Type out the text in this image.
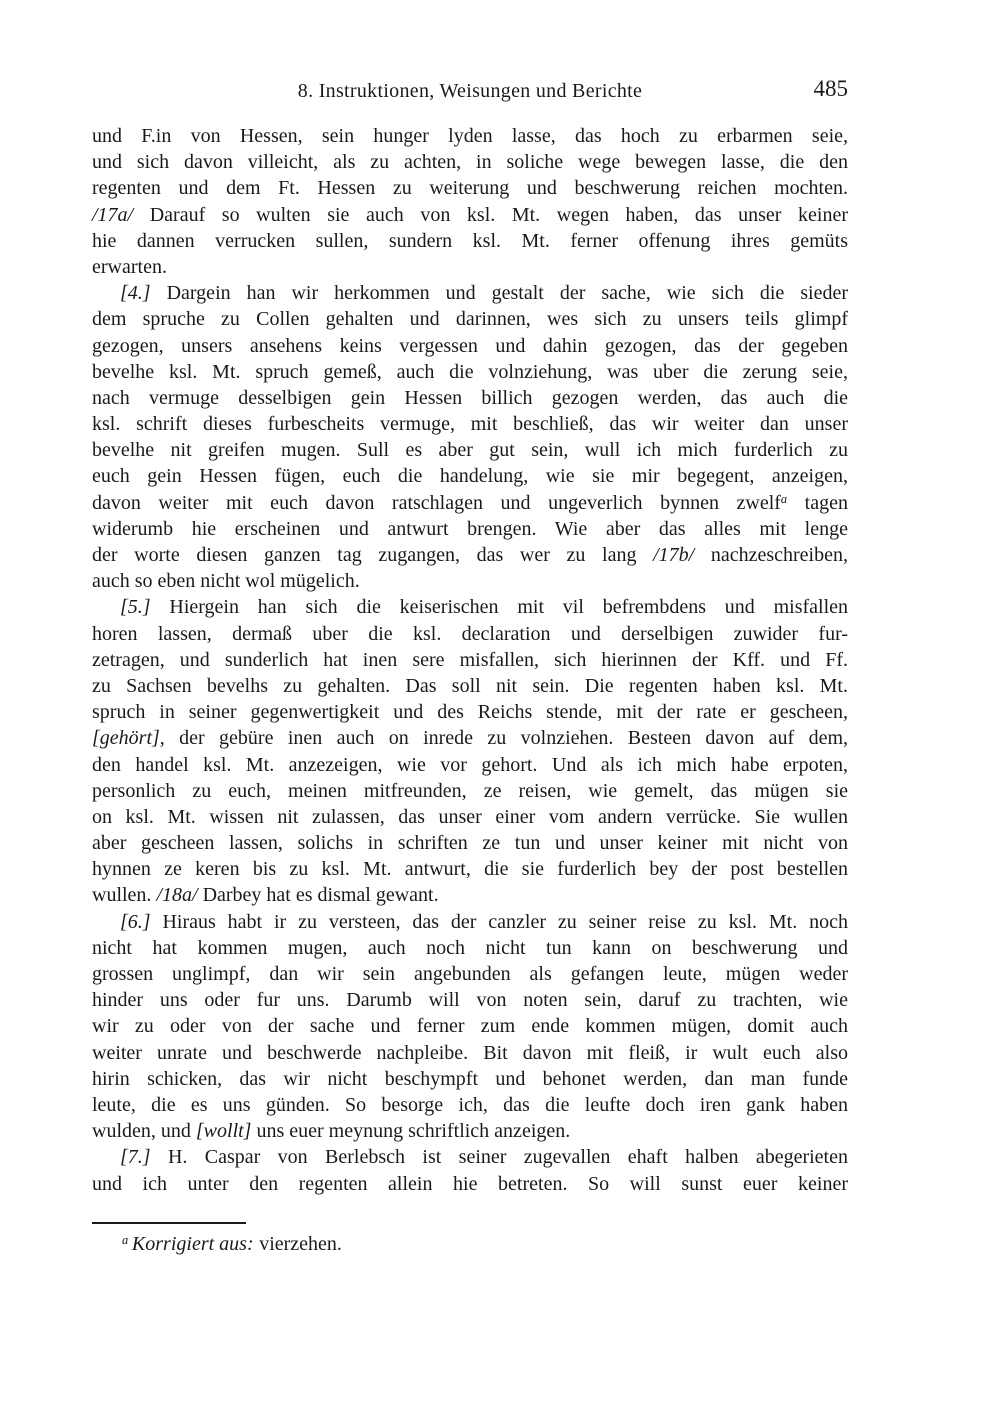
8. Instruktionen, Weisungen und Berichte	485
und F.in von Hessen, sein hunger lyden lasse, das hoch zu erbarmen seie,
und sich davon villeicht, als zu achten, in soliche wege bewegen lasse, die den
regenten und dem Ft. Hessen zu weiterung und beschwerung reichen mochten.
/17a/ Darauf so wulten sie auch von ksl. Mt. wegen haben, das unser keiner
hie dannen verrucken sullen, sundern ksl. Mt. ferner offenung ihres gemüts
erwarten.
[4.] Dargein han wir herkommen und gestalt der sache, wie sich die sieder
dem spruche zu Collen gehalten und darinnen, wes sich zu unsers teils glimpf
gezogen, unsers ansehens keins vergessen und dahin gezogen, das der gegeben
bevelhe ksl. Mt. spruch gemeß, auch die volnziehung, was uber die zerung seie,
nach vermuge desselbigen gein Hessen billich gezogen werden, das auch die
ksl. schrift dieses furbescheits vermuge, mit beschließ, das wir weiter dan unser
bevelhe nit greifen mugen. Sull es aber gut sein, wull ich mich furderlich zu
euch gein Hessen fügen, euch die handelung, wie sie mir begegent, anzeigen,
davon weiter mit euch davon ratschlagen und ungeverlich bynnen zwelf$^a$ tagen
widerumb hie erscheinen und antwurt brengen. Wie aber das alles mit lenge
der worte diesen ganzen tag zugangen, das wer zu lang /17b/ nachzeschreiben,
auch so eben nicht wol mügelich.
[5.] Hiergein han sich die keiserischen mit vil befrembdens und misfallen
horen lassen, dermaß uber die ksl. declaration und derselbigen zuwider fur-
zetragen, und sunderlich hat inen sere misfallen, sich hierinnen der Kff. und Ff.
zu Sachsen bevelhs zu gehalten. Das soll nit sein. Die regenten haben ksl. Mt.
spruch in seiner gegenwertigkeit und des Reichs stende, mit der rate er gescheen,
[gehört], der gebüre inen auch on inrede zu volnziehen. Besteen davon auf dem,
den handel ksl. Mt. anzezeigen, wie vor gehort. Und als ich mich habe erpoten,
personlich zu euch, meinen mitfreunden, ze reisen, wie gemelt, das mügen sie
on ksl. Mt. wissen nit zulassen, das unser einer vom andern verrücke. Sie wullen
aber gescheen lassen, solichs in schriften ze tun und unser keiner mit nicht von
hynnen ze keren bis zu ksl. Mt. antwurt, die sie furderlich bey der post bestellen
wullen. /18a/ Darbey hat es dismal gewant.
[6.] Hiraus habt ir zu versteen, das der canzler zu seiner reise zu ksl. Mt. noch
nicht hat kommen mugen, auch noch nicht tun kann on beschwerung und
grossen unglimpf, dan wir sein angebunden als gefangen leute, mügen weder
hinder uns oder fur uns. Darumb will von noten sein, daruf zu trachten, wie
wir zu oder von der sache und ferner zum ende kommen mügen, domit auch
weiter unrate und beschwerde nachpleibe. Bit davon mit fleiß, ir wult euch also
hirin schicken, das wir nicht beschympft und behonet werden, dan man funde
leute, die es uns günden. So besorge ich, das die leufte doch iren gank haben
wulden, und [wollt] uns euer meynung schriftlich anzeigen.
[7.] H. Caspar von Berlebsch ist seiner zugevallen ehaft halben abegerieten
und ich unter den regenten allein hie betreten. So will sunst euer keiner
$^a$ Korrigiert aus: vierzehen.
